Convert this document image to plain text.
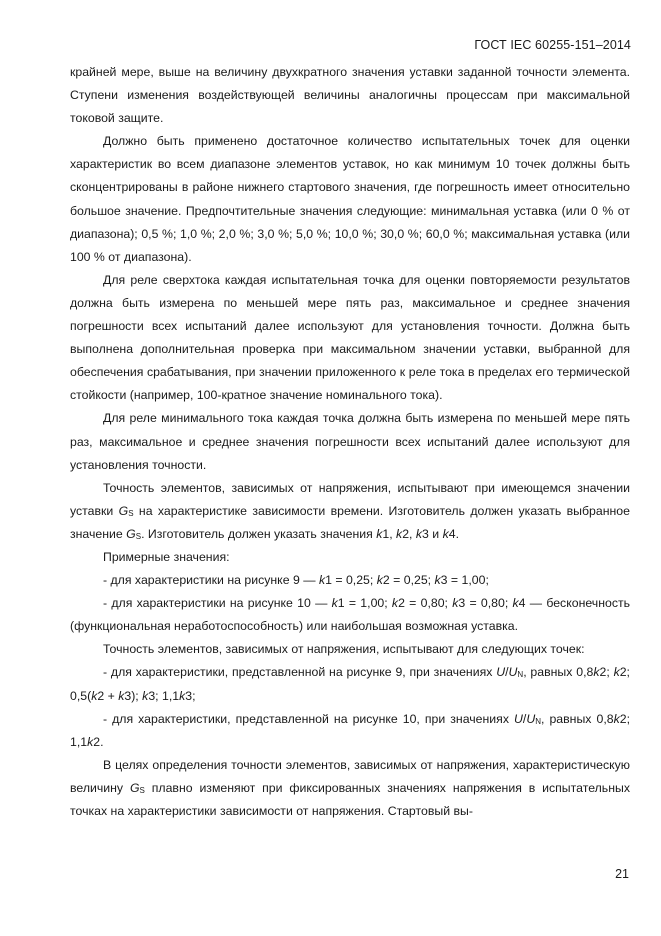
ГОСТ IEC 60255-151–2014

крайней мере, выше на величину двухкратного значения уставки заданной точности элемента. Ступени изменения воздействующей величины аналогичны процессам при максимальной токовой защите.

Должно быть применено достаточное количество испытательных точек для оценки характеристик во всем диапазоне элементов уставок, но как минимум 10 точек должны быть сконцентрированы в районе нижнего стартового значения, где погрешность имеет относительно большое значение. Предпочтительные значения следующие: минимальная уставка (или 0 % от диапазона); 0,5 %; 1,0 %; 2,0 %; 3,0 %; 5,0 %; 10,0 %; 30,0 %; 60,0 %; максимальная уставка (или 100 % от диапазона).

Для реле сверхтока каждая испытательная точка для оценки повторяемости результатов должна быть измерена по меньшей мере пять раз, максимальное и среднее значения погрешности всех испытаний далее используют для установления точности. Должна быть выполнена дополнительная проверка при максимальном значении уставки, выбранной для обеспечения срабатывания, при значении приложенного к реле тока в пределах его термической стойкости (например, 100-кратное значение номинального тока).

Для реле минимального тока каждая точка должна быть измерена по меньшей мере пять раз, максимальное и среднее значения погрешности всех испытаний далее используют для установления точности.

Точность элементов, зависимых от напряжения, испытывают при имеющемся значении уставки $G_S$ на характеристике зависимости времени. Изготовитель должен указать выбранное значение $G_S$. Изготовитель должен указать значения k1, k2, k3 и k4.

Примерные значения:

- для характеристики на рисунке 9 — k1 = 0,25; k2 = 0,25; k3 = 1,00;

- для характеристики на рисунке 10 — k1 = 1,00; k2 = 0,80; k3 = 0,80; k4 — бесконечность (функциональная неработоспособность) или наибольшая возможная уставка.

Точность элементов, зависимых от напряжения, испытывают для следующих точек:

- для характеристики, представленной на рисунке 9, при значениях $U/U_N$, равных 0,8k2; k2; 0,5(k2 + k3); k3; 1,1k3;

- для характеристики, представленной на рисунке 10, при значениях $U/U_N$, равных 0,8k2; 1,1k2.

В целях определения точности элементов, зависимых от напряжения, характеристическую величину $G_S$ плавно изменяют при фиксированных значениях напряжения в испытательных точках на характеристики зависимости от напряжения. Стартовый вы-

21
